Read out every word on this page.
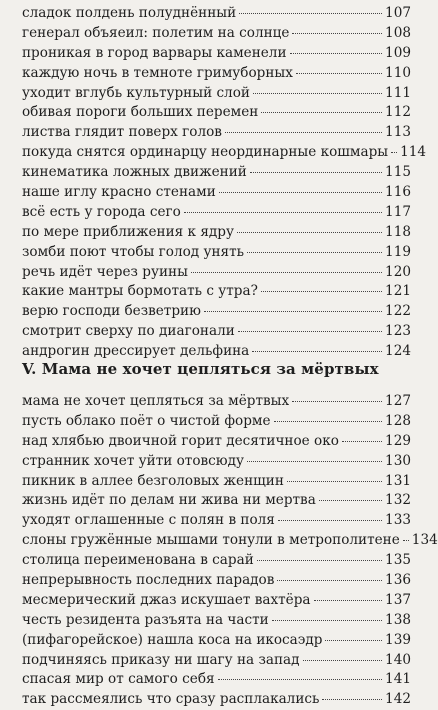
сладок полдень полуднённый	107
генерал объяеил: полетим на солнце	108
проникая в город варвары каменели	109
каждую ночь в темноте гримуборных	110
уходит вглубь культурный слой	111
обивая пороги больших перемен	112
листва глядит поверх голов	113
покуда снятся ординарцу неординарные кошмары 114
кинематика ложных движений	115
наше иглу красно стенами	116
всё есть у города сего	117
по мере приближения к ядру	118
зомби поют чтобы голод унять	119
речь идёт через руины	120
какие мантры бормотать с утра?	121
верю господи безветрию	122
смотрит сверху по диагонали	123
андрогин дрессирует дельфина	124
V. Мама не хочет цепляться за мёртвых
мама не хочет цепляться за мёртвых	127
пусть облако поёт о чистой форме	128
над хлябью двоичной горит десятичное око	129
странник хочет уйти отовсюду	130
пикник в аллее безголовых женщин	131
жизнь идёт по делам ни жива ни мертва	132
уходят оглашенные с полян в поля	133
слоны гружённые мышами тонули в метрополитене 134
столица переименована в сарай	135
непрерывность последних парадов	136
месмерический джаз искушает вахтёра	137
честь резидента разъята на части	138
(пифагорейское) нашла коса на икосаэдр	139
подчиняясь приказу ни шагу на запад	140
спасая мир от самого себя	141
так рассмеялись что сразу расплакались	142
